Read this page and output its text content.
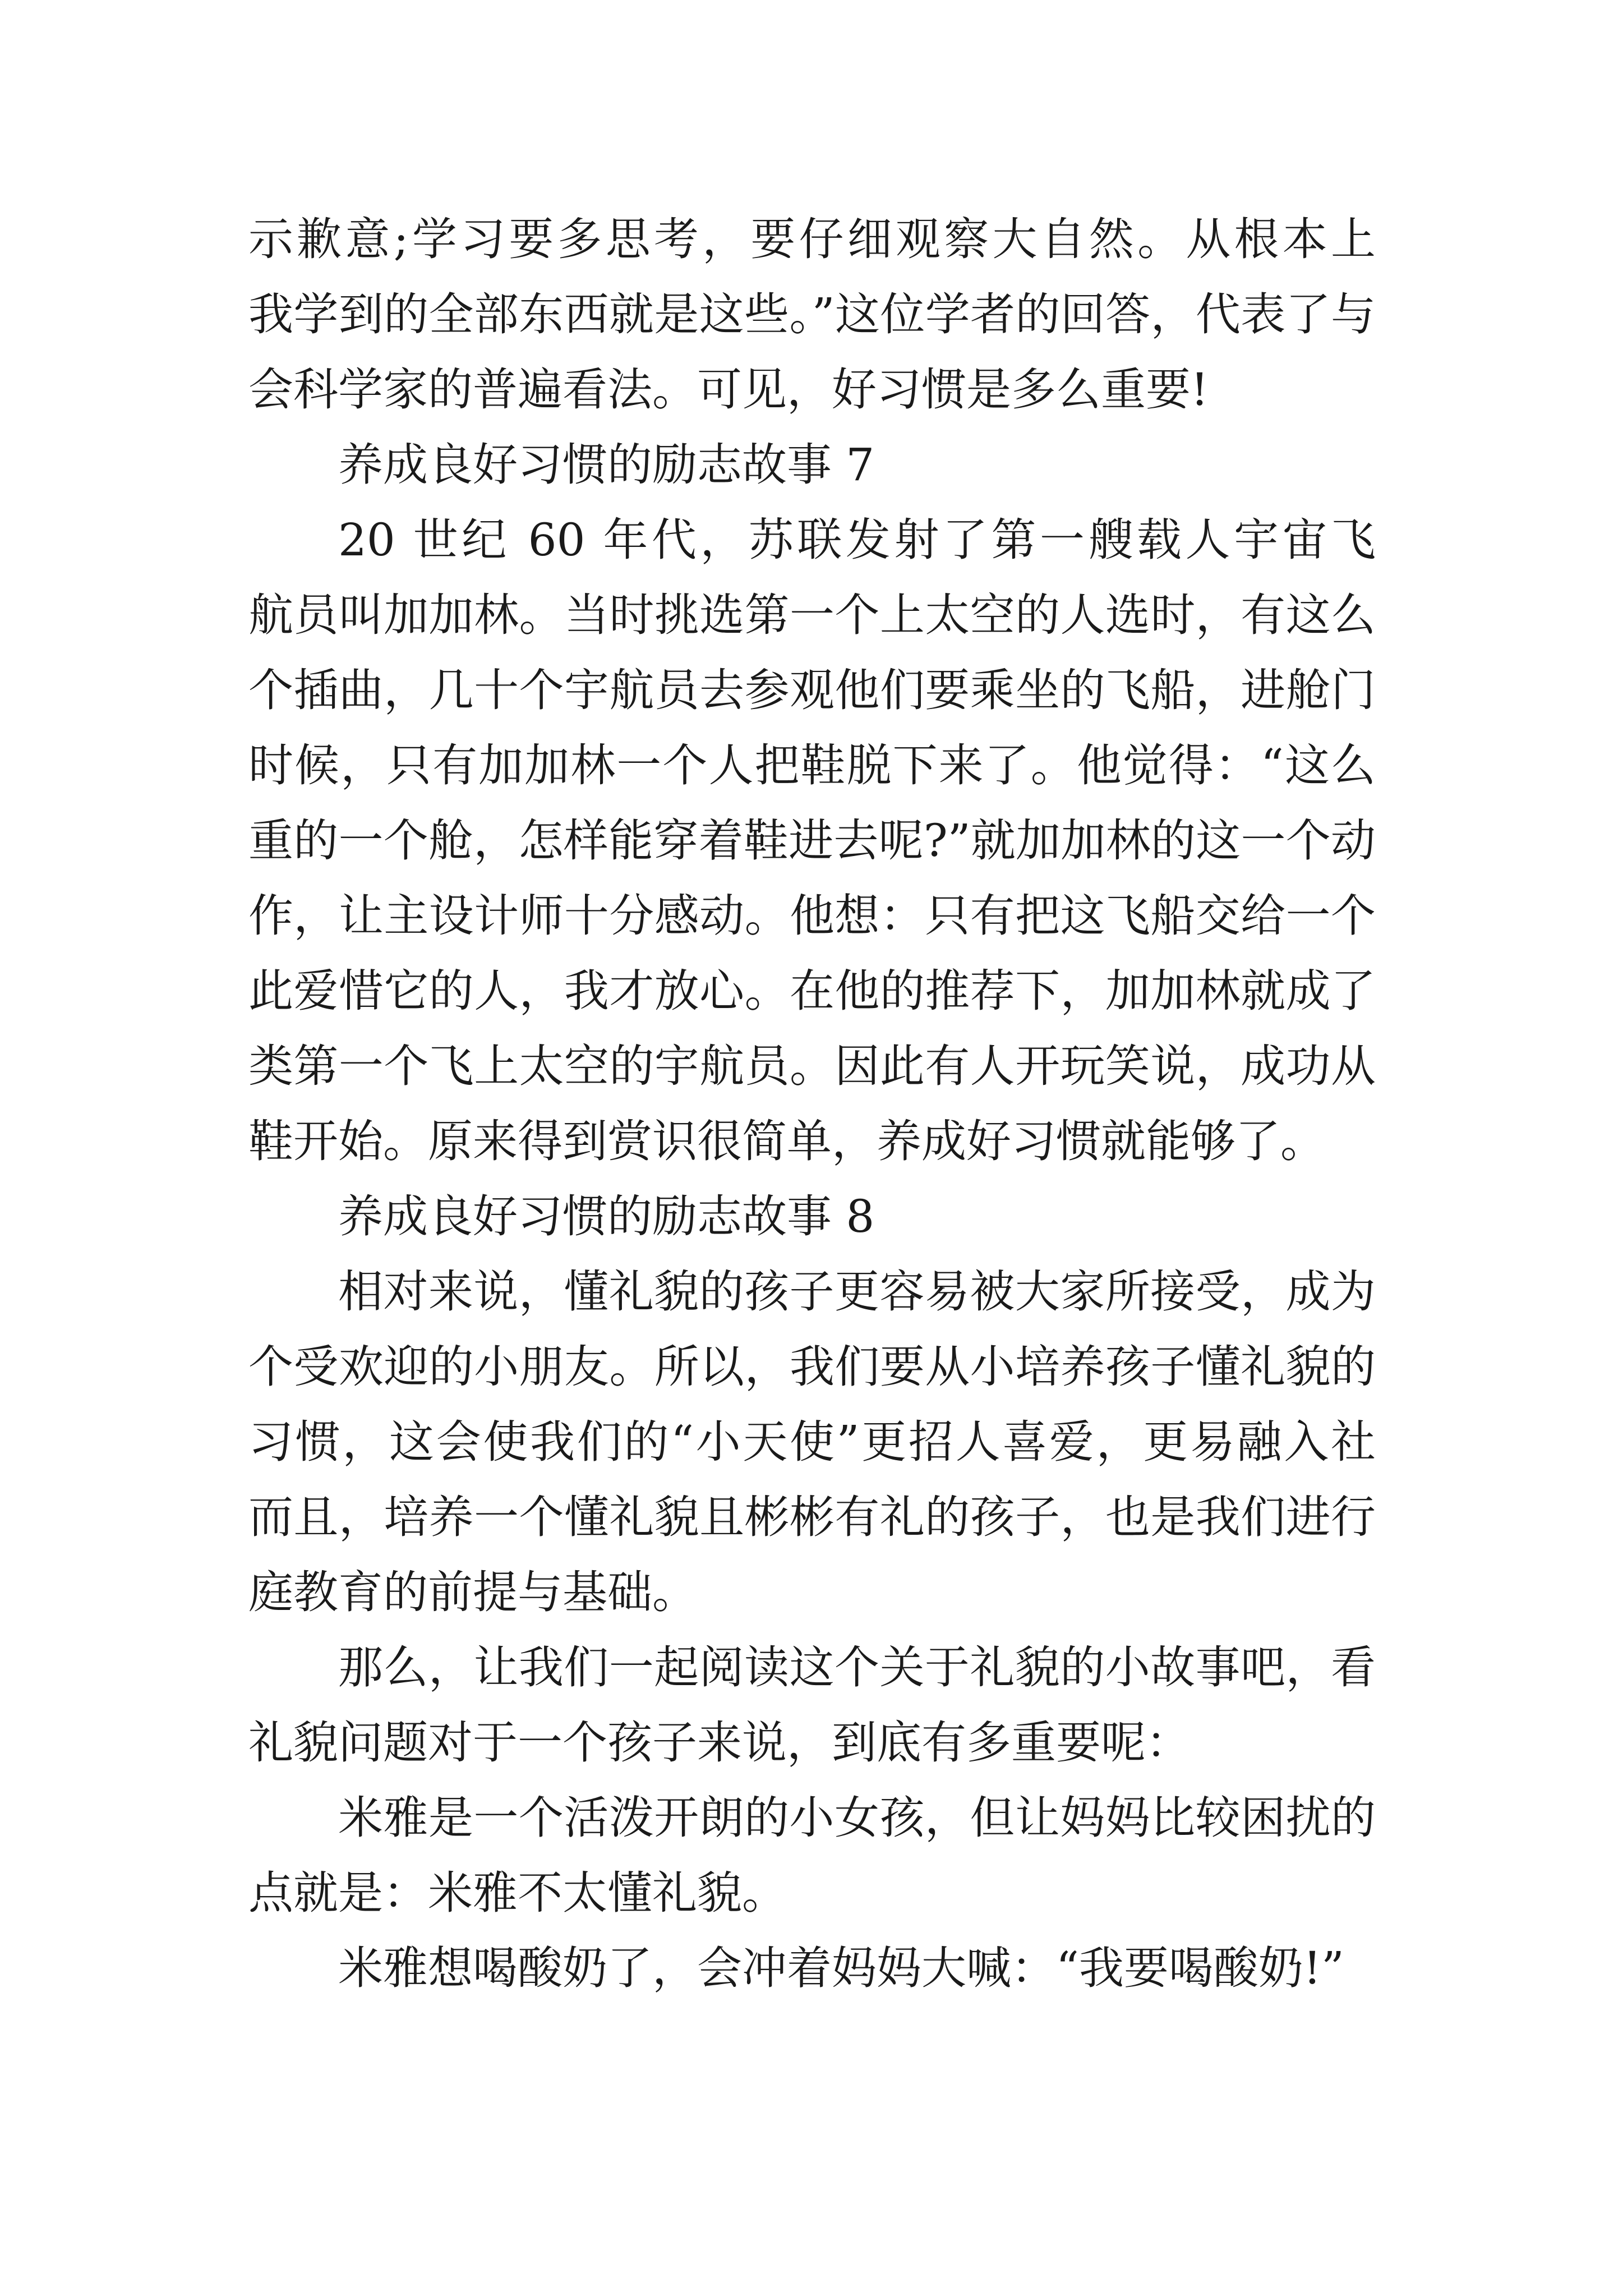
示歉意;学习要多思考，要仔细观察大自然。从根本上
我学到的全部东西就是这些。”这位学者的回答，代表了与
会科学家的普遍看法。可见，好习惯是多么重要!
养成良好习惯的励志故事 7
20 世纪 60 年代，苏联发射了第一艘载人宇宙飞
航员叫加加林。当时挑选第一个上太空的人选时，有这么
个插曲，几十个宇航员去参观他们要乘坐的飞船，进舱门
时候，只有加加林一个人把鞋脱下来了。他觉得：“这么
重的一个舱，怎样能穿着鞋进去呢?”就加加林的这一个动
作，让主设计师十分感动。他想：只有把这飞船交给一个
此爱惜它的人，我才放心。在他的推荐下，加加林就成了
类第一个飞上太空的宇航员。因此有人开玩笑说，成功从
鞋开始。原来得到赏识很简单，养成好习惯就能够了。
养成良好习惯的励志故事 8
相对来说，懂礼貌的孩子更容易被大家所接受，成为
个受欢迎的小朋友。所以，我们要从小培养孩子懂礼貌的
习惯，这会使我们的“小天使”更招人喜爱，更易融入社
而且，培养一个懂礼貌且彬彬有礼的孩子，也是我们进行
庭教育的前提与基础。
那么，让我们一起阅读这个关于礼貌的小故事吧，看
礼貌问题对于一个孩子来说，到底有多重要呢：
米雅是一个活泼开朗的小女孩，但让妈妈比较困扰的
点就是：米雅不太懂礼貌。
米雅想喝酸奶了，会冲着妈妈大喊：“我要喝酸奶!”
